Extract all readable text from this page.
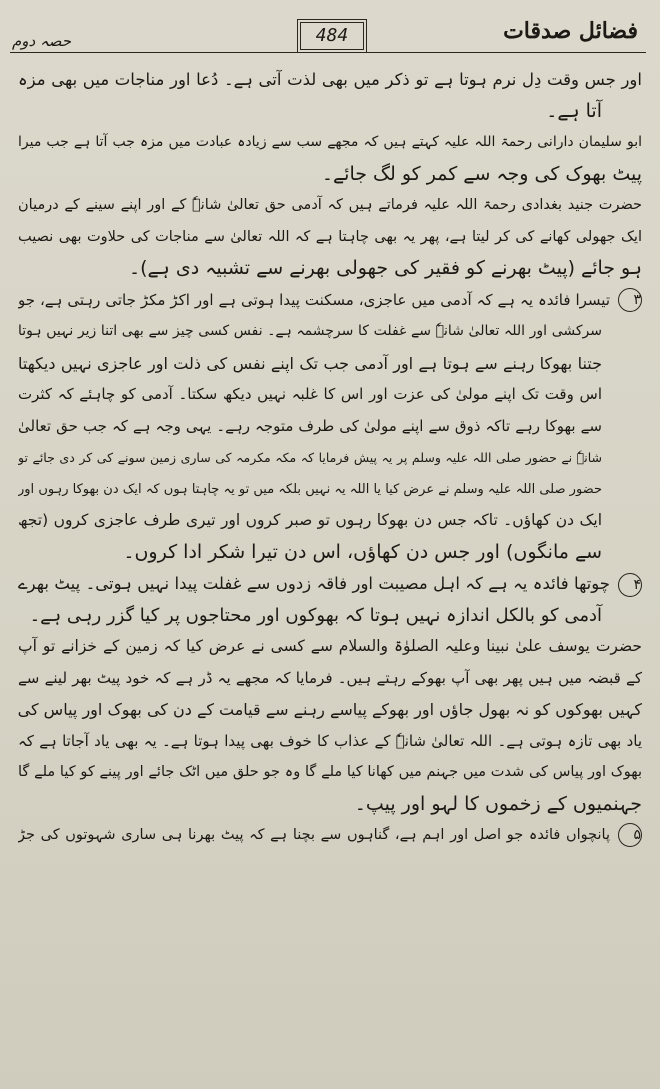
فضائل صدقات
484
حصہ دوم
اور جس وقت دِل نرم ہوتا ہے تو ذکر میں بھی لذت آتی ہے۔ دُعا اور مناجات میں بھی مزہ
آتا ہے۔
ابو سلیمان دارانی رحمۃ اللہ علیہ کہتے ہیں کہ مجھے سب سے زیادہ عبادت میں مزہ جب آتا ہے جب میرا
پیٹ بھوک کی وجہ سے کمر کو لگ جائے۔
حضرت جنید بغدادی رحمۃ اللہ علیہ فرماتے ہیں کہ آدمی حق تعالیٰ شانہٗ کے اور اپنے سینے کے درمیان
ایک جھولی کھانے کی کر لیتا ہے، پھر یہ بھی چاہتا ہے کہ اللہ تعالیٰ سے مناجات کی حلاوت بھی نصیب
ہو جائے (پیٹ بھرنے کو فقیر کی جھولی بھرنے سے تشبیہ دی ہے)۔
۳تیسرا فائدہ یہ ہے کہ آدمی میں عاجزی، مسکنت پیدا ہوتی ہے اور اکڑ مکڑ جاتی رہتی ہے، جو
سرکشی اور اللہ تعالیٰ شانہٗ سے غفلت کا سرچشمہ ہے۔ نفس کسی چیز سے بھی اتنا زیر نہیں ہوتا
جتنا بھوکا رہنے سے ہوتا ہے اور آدمی جب تک اپنے نفس کی ذلت اور عاجزی نہیں دیکھتا
اس وقت تک اپنے مولیٰ کی عزت اور اس کا غلبہ نہیں دیکھ سکتا۔ آدمی کو چاہئے کہ کثرت
سے بھوکا رہے تاکہ ذوق سے اپنے مولیٰ کی طرف متوجہ رہے۔ یہی وجہ ہے کہ جب حق تعالیٰ
شانہٗ نے حضور صلی اللہ علیہ وسلم پر یہ پیش فرمایا کہ مکہ مکرمہ کی ساری زمین سونے کی کر دی جائے تو
حضور صلی اللہ علیہ وسلم نے عرض کیا یا اللہ یہ نہیں بلکہ میں تو یہ چاہتا ہوں کہ ایک دن بھوکا رہوں اور
ایک دن کھاؤں۔ تاکہ جس دن بھوکا رہوں تو صبر کروں اور تیری طرف عاجزی کروں (تجھ
سے مانگوں) اور جس دن کھاؤں، اس دن تیرا شکر ادا کروں۔
۴چوتھا فائدہ یہ ہے کہ اہل مصیبت اور فاقہ زدوں سے غفلت پیدا نہیں ہوتی۔ پیٹ بھرے
آدمی کو بالکل اندازہ نہیں ہوتا کہ بھوکوں اور محتاجوں پر کیا گزر رہی ہے۔
حضرت یوسف علیٰ نبینا وعلیہ الصلوٰۃ والسلام سے کسی نے عرض کیا کہ زمین کے خزانے تو آپ
کے قبضہ میں ہیں پھر بھی آپ بھوکے رہتے ہیں۔ فرمایا کہ مجھے یہ ڈر ہے کہ خود پیٹ بھر لینے سے
کہیں بھوکوں کو نہ بھول جاؤں اور بھوکے پیاسے رہنے سے قیامت کے دن کی بھوک اور پیاس کی
یاد بھی تازہ ہوتی ہے۔ اللہ تعالیٰ شانہٗ کے عذاب کا خوف بھی پیدا ہوتا ہے۔ یہ بھی یاد آجاتا ہے کہ
بھوک اور پیاس کی شدت میں جہنم میں کھانا کیا ملے گا وہ جو حلق میں اٹک جائے اور پینے کو کیا ملے گا
جہنمیوں کے زخموں کا لہو اور پیپ۔
۵پانچواں فائدہ جو اصل اور اہم ہے، گناہوں سے بچنا ہے کہ پیٹ بھرنا ہی ساری شہوتوں کی جڑ
